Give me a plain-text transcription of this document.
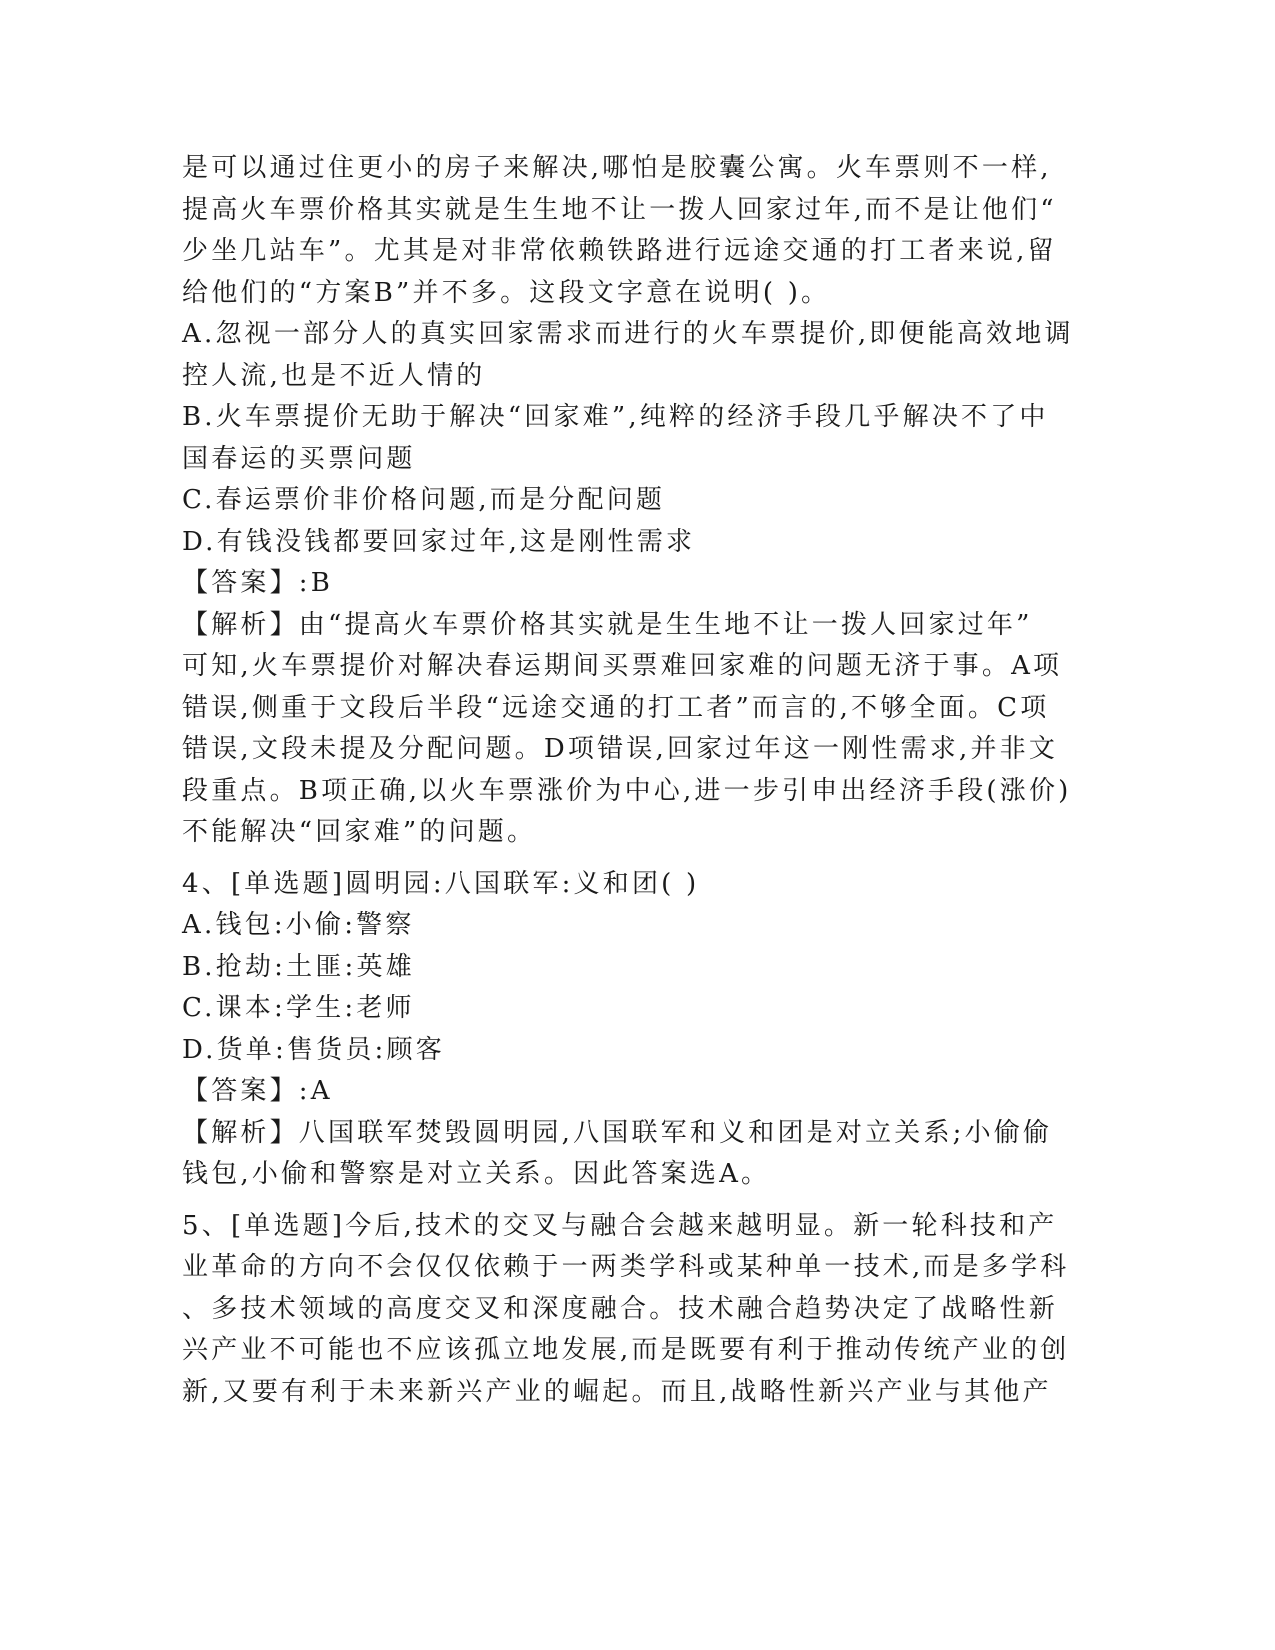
是可以通过住更小的房子来解决,哪怕是胶囊公寓。火车票则不一样,
提高火车票价格其实就是生生地不让一拨人回家过年,而不是让他们“
少坐几站车”。尤其是对非常依赖铁路进行远途交通的打工者来说,留
给他们的“方案B”并不多。这段文字意在说明( )。
A.忽视一部分人的真实回家需求而进行的火车票提价,即便能高效地调
控人流,也是不近人情的
B.火车票提价无助于解决“回家难”,纯粹的经济手段几乎解决不了中
国春运的买票问题
C.春运票价非价格问题,而是分配问题
D.有钱没钱都要回家过年,这是刚性需求
【答案】:B
【解析】由“提高火车票价格其实就是生生地不让一拨人回家过年”
可知,火车票提价对解决春运期间买票难回家难的问题无济于事。A项
错误,侧重于文段后半段“远途交通的打工者”而言的,不够全面。C项
错误,文段未提及分配问题。D项错误,回家过年这一刚性需求,并非文
段重点。B项正确,以火车票涨价为中心,进一步引申出经济手段(涨价)
不能解决“回家难”的问题。
4、[单选题]圆明园:八国联军:义和团( )
A.钱包:小偷:警察
B.抢劫:土匪:英雄
C.课本:学生:老师
D.货单:售货员:顾客
【答案】:A
【解析】八国联军焚毁圆明园,八国联军和义和团是对立关系;小偷偷
钱包,小偷和警察是对立关系。因此答案选A。
5、[单选题]今后,技术的交叉与融合会越来越明显。新一轮科技和产
业革命的方向不会仅仅依赖于一两类学科或某种单一技术,而是多学科
、多技术领域的高度交叉和深度融合。技术融合趋势决定了战略性新
兴产业不可能也不应该孤立地发展,而是既要有利于推动传统产业的创
新,又要有利于未来新兴产业的崛起。而且,战略性新兴产业与其他产
